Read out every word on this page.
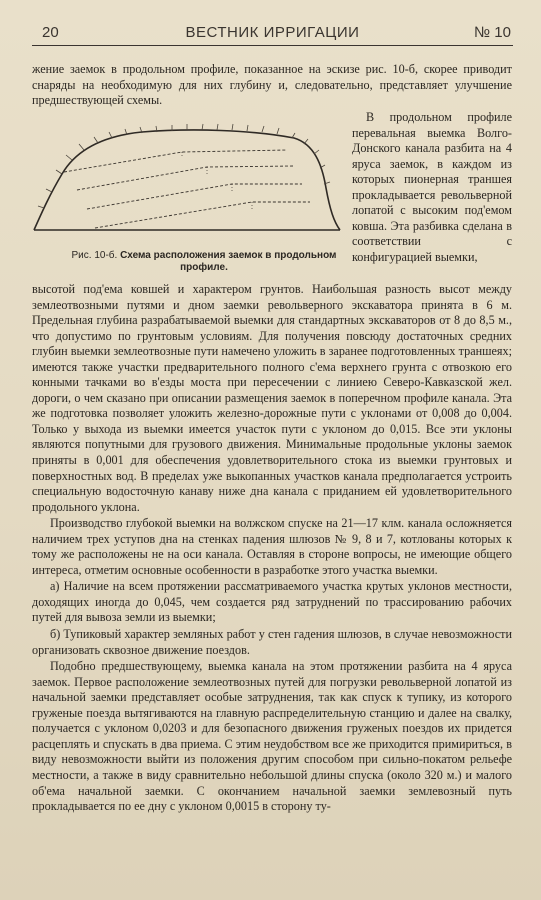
20	ВЕСТНИК ИРРИГАЦИИ	№ 10

жение заемок в продольном профиле, показанное на эскизе рис. 10-б, скорее приводит снаряды на необходимую для них глубину и, следовательно, представляет улучшение предшествующей схемы.

Рис. 10-б. Схема расположения заемок в продольном профиле.

В продольном профиле перевальная выемка Волго-Донского канала разбита на 4 яруса заемок, в каждом из которых пионерная траншея прокладывается револьверной лопатой с высоким под'емом ковша. Эта разбивка сделана в соответствии с конфигурацией выемки,

высотой под'ема ковшей и характером грунтов. Наибольшая разность высот между землеотвозными путями и дном заемки револьверного экскаватора принята в 6 м. Предельная глубина разрабатываемой выемки для стандартных экскаваторов от 8 до 8,5 м., что допустимо по грунтовым условиям. Для получения повсюду достаточных средних глубин выемки землеотвозные пути намечено уложить в заранее подготовленных траншеях; имеются также участки предварительного полного с'ема верхнего грунта с отвозкою его конными тачками во в'езды моста при пересечении с линиею Северо-Кавказской жел. дороги, о чем сказано при описании размещения заемок в поперечном профиле канала. Эта же подготовка позволяет уложить железно-дорожные пути с уклонами от 0,008 до 0,004. Только у выхода из выемки имеется участок пути с уклоном до 0,015. Все эти уклоны являются попутными для грузового движения. Минимальные продольные уклоны заемок приняты в 0,001 для обеспечения удовлетворительного стока из выемки грунтовых и поверхностных вод. В пределах уже выкопанных участков канала предполагается устроить специальную водосточную канаву ниже дна канала с приданием ей удовлетворительного продольного уклона.

Производство глубокой выемки на волжском спуске на 21—17 клм. канала осложняется наличием трех уступов дна на стенках падения шлюзов № 9, 8 и 7, котлованы которых к тому же расположены не на оси канала. Оставляя в стороне вопросы, не имеющие общего интереса, отметим основные особенности в разработке этого участка выемки.

а) Наличие на всем протяжении рассматриваемого участка крутых уклонов местности, доходящих иногда до 0,045, чем создается ряд затруднений по трассированию рабочих путей для вывоза земли из выемки;

б) Тупиковый характер земляных работ у стен гадения шлюзов, в случае невозможности организовать сквозное движение поездов.

Подобно предшествующему, выемка канала на этом протяжении разбита на 4 яруса заемок. Первое расположение землеотвозных путей для погрузки револьверной лопатой из начальной заемки представляет особые затруднения, так как спуск к тупику, из которого груженые поезда вытягиваются на главную распределительную станцию и далее на свалку, получается с уклоном 0,0203 и для безопасного движения груженых поездов их придется расцеплять и спускать в два приема. С этим неудобством все же приходится примириться, в виду невозможности выйти из положения другим способом при сильно-покатом рельефе местности, а также в виду сравнительно небольшой длины спуска (около 320 м.) и малого об'ема начальной заемки. С окончанием начальной заемки землевозный путь прокладывается по ее дну с уклоном 0,0015 в сторону ту-
